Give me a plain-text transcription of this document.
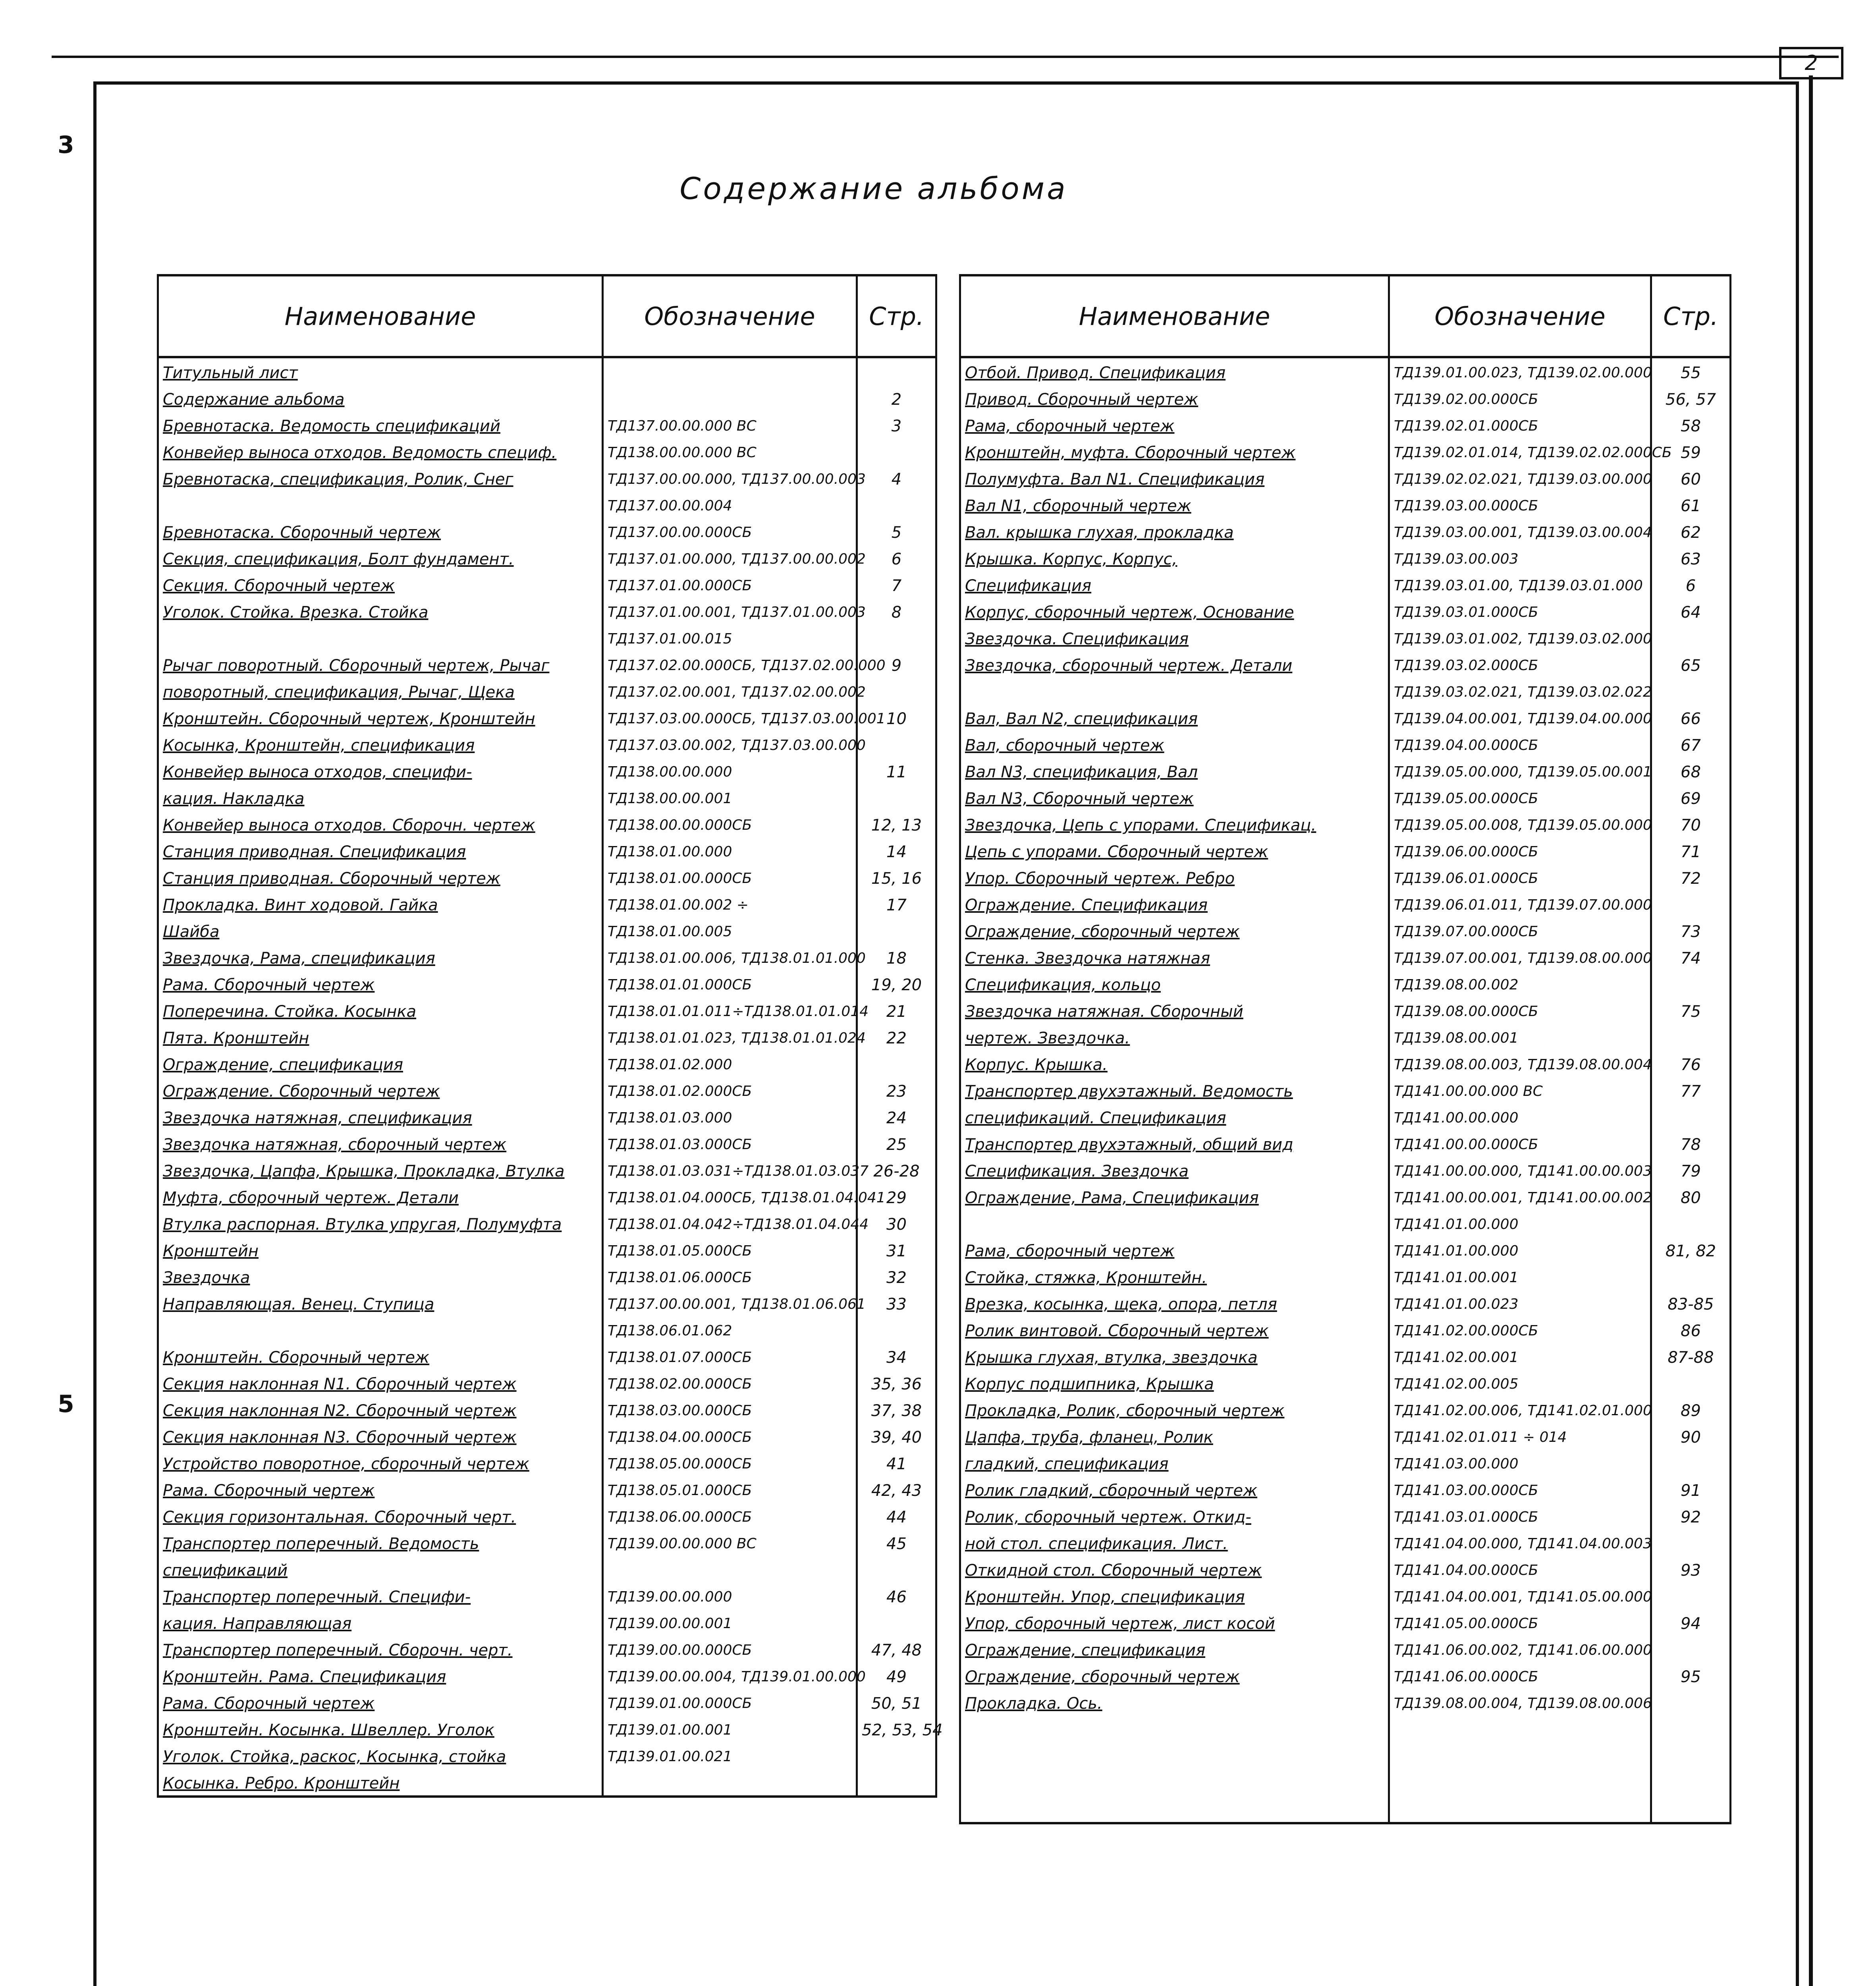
2
3
5
Содержание альбома
Наименование	Обозначение	Стр.
Титульный лист		
Содержание альбома		2
Бревнотаска. Ведомость спецификаций	ТД137.00.00.000 ВС	3
Конвейер выноса отходов. Ведомость специф.	ТД138.00.00.000 ВС	
Бревнотаска, спецификация, Ролик, Снег	ТД137.00.00.000, ТД137.00.00.003	4
	ТД137.00.00.004	
Бревнотаска. Сборочный чертеж	ТД137.00.00.000СБ	5
Секция, спецификация, Болт фундамент.	ТД137.01.00.000, ТД137.00.00.002	6
Секция. Сборочный чертеж	ТД137.01.00.000СБ	7
Уголок. Стойка. Врезка. Стойка	ТД137.01.00.001, ТД137.01.00.003	8
	ТД137.01.00.015	
Рычаг поворотный. Сборочный чертеж, Рычаг	ТД137.02.00.000СБ, ТД137.02.00.000	9
поворотный, спецификация, Рычаг, Щека	ТД137.02.00.001, ТД137.02.00.002	
Кронштейн. Сборочный чертеж, Кронштейн	ТД137.03.00.000СБ, ТД137.03.00.001	10
Косынка, Кронштейн, спецификация	ТД137.03.00.002, ТД137.03.00.000	
Конвейер выноса отходов, специфи-	ТД138.00.00.000	11
кация. Накладка	ТД138.00.00.001	
Конвейер выноса отходов. Сборочн. чертеж	ТД138.00.00.000СБ	12, 13
Станция приводная. Спецификация	ТД138.01.00.000	14
Станция приводная. Сборочный чертеж	ТД138.01.00.000СБ	15, 16
Прокладка. Винт ходовой. Гайка	ТД138.01.00.002 ÷	17
Шайба	ТД138.01.00.005	
Звездочка, Рама, спецификация	ТД138.01.00.006, ТД138.01.01.000	18
Рама. Сборочный чертеж	ТД138.01.01.000СБ	19, 20
Поперечина. Стойка. Косынка	ТД138.01.01.011÷ТД138.01.01.014	21
Пята. Кронштейн	ТД138.01.01.023, ТД138.01.01.024	22
Ограждение, спецификация	ТД138.01.02.000	
Ограждение. Сборочный чертеж	ТД138.01.02.000СБ	23
Звездочка натяжная, спецификация	ТД138.01.03.000	24
Звездочка натяжная, сборочный чертеж	ТД138.01.03.000СБ	25
Звездочка, Цапфа, Крышка, Прокладка, Втулка	ТД138.01.03.031÷ТД138.01.03.037	26-28
Муфта, сборочный чертеж. Детали	ТД138.01.04.000СБ, ТД138.01.04.041	29
Втулка распорная. Втулка упругая, Полумуфта	ТД138.01.04.042÷ТД138.01.04.044	30
Кронштейн	ТД138.01.05.000СБ	31
Звездочка	ТД138.01.06.000СБ	32
Направляющая. Венец. Ступица	ТД137.00.00.001, ТД138.01.06.061	33
	ТД138.06.01.062	
Кронштейн. Сборочный чертеж	ТД138.01.07.000СБ	34
Секция наклонная N1. Сборочный чертеж	ТД138.02.00.000СБ	35, 36
Секция наклонная N2. Сборочный чертеж	ТД138.03.00.000СБ	37, 38
Секция наклонная N3. Сборочный чертеж	ТД138.04.00.000СБ	39, 40
Устройство поворотное, сборочный чертеж	ТД138.05.00.000СБ	41
Рама. Сборочный чертеж	ТД138.05.01.000СБ	42, 43
Секция горизонтальная. Сборочный черт.	ТД138.06.00.000СБ	44
Транспортер поперечный. Ведомость	ТД139.00.00.000 ВС	45
спецификаций		
Транспортер поперечный. Специфи-	ТД139.00.00.000	46
кация. Направляющая	ТД139.00.00.001	
Транспортер поперечный. Сборочн. черт.	ТД139.00.00.000СБ	47, 48
Кронштейн. Рама. Спецификация	ТД139.00.00.004, ТД139.01.00.000	49
Рама. Сборочный чертеж	ТД139.01.00.000СБ	50, 51
Кронштейн. Косынка. Швеллер. Уголок	ТД139.01.00.001	52, 53, 54
Уголок. Стойка, раскос, Косынка, стойка	ТД139.01.00.021	
Косынка. Ребро. Кронштейн		
Наименование	Обозначение	Стр.
Отбой. Привод. Спецификация	ТД139.01.00.023, ТД139.02.00.000	55
Привод. Сборочный чертеж	ТД139.02.00.000СБ	56, 57
Рама, сборочный чертеж	ТД139.02.01.000СБ	58
Кронштейн, муфта. Сборочный чертеж	ТД139.02.01.014, ТД139.02.02.000СБ	59
Полумуфта. Вал N1. Спецификация	ТД139.02.02.021, ТД139.03.00.000	60
Вал N1, сборочный чертеж	ТД139.03.00.000СБ	61
Вал. крышка глухая, прокладка	ТД139.03.00.001, ТД139.03.00.004	62
Крышка. Корпус, Корпус,	ТД139.03.00.003	63
Спецификация	ТД139.03.01.00, ТД139.03.01.000	6
Корпус, сборочный чертеж, Основание	ТД139.03.01.000СБ	64
Звездочка. Спецификация	ТД139.03.01.002, ТД139.03.02.000	
Звездочка, сборочный чертеж. Детали	ТД139.03.02.000СБ	65
	ТД139.03.02.021, ТД139.03.02.022	
Вал, Вал N2, спецификация	ТД139.04.00.001, ТД139.04.00.000	66
Вал, сборочный чертеж	ТД139.04.00.000СБ	67
Вал N3, спецификация, Вал	ТД139.05.00.000, ТД139.05.00.001	68
Вал N3, Сборочный чертеж	ТД139.05.00.000СБ	69
Звездочка, Цепь с упорами. Спецификац.	ТД139.05.00.008, ТД139.05.00.000	70
Цепь с упорами. Сборочный чертеж	ТД139.06.00.000СБ	71
Упор. Сборочный чертеж. Ребро	ТД139.06.01.000СБ	72
Ограждение. Спецификация	ТД139.06.01.011, ТД139.07.00.000	
Ограждение, сборочный чертеж	ТД139.07.00.000СБ	73
Стенка. Звездочка натяжная	ТД139.07.00.001, ТД139.08.00.000	74
Спецификация, кольцо	ТД139.08.00.002	
Звездочка натяжная. Сборочный	ТД139.08.00.000СБ	75
чертеж. Звездочка.	ТД139.08.00.001	
Корпус. Крышка.	ТД139.08.00.003, ТД139.08.00.004	76
Транспортер двухэтажный. Ведомость	ТД141.00.00.000 ВС	77
спецификаций. Спецификация	ТД141.00.00.000	
Транспортер двухэтажный, общий вид	ТД141.00.00.000СБ	78
Спецификация. Звездочка	ТД141.00.00.000, ТД141.00.00.003	79
Ограждение, Рама, Спецификация	ТД141.00.00.001, ТД141.00.00.002	80
	ТД141.01.00.000	
Рама, сборочный чертеж	ТД141.01.00.000	81, 82
Стойка, стяжка, Кронштейн.	ТД141.01.00.001	
Врезка, косынка, щека, опора, петля	ТД141.01.00.023	83-85
Ролик винтовой. Сборочный чертеж	ТД141.02.00.000СБ	86
Крышка глухая, втулка, звездочка	ТД141.02.00.001	87-88
Корпус подшипника, Крышка	ТД141.02.00.005	
Прокладка, Ролик, сборочный чертеж	ТД141.02.00.006, ТД141.02.01.000	89
Цапфа, труба, фланец, Ролик	ТД141.02.01.011 ÷ 014	90
гладкий, спецификация	ТД141.03.00.000	
Ролик гладкий, сборочный чертеж	ТД141.03.00.000СБ	91
Ролик, сборочный чертеж. Откид-	ТД141.03.01.000СБ	92
ной стол. спецификация. Лист.	ТД141.04.00.000, ТД141.04.00.003	
Откидной стол. Сборочный чертеж	ТД141.04.00.000СБ	93
Кронштейн. Упор, спецификация	ТД141.04.00.001, ТД141.05.00.000	
Упор, сборочный чертеж, лист косой	ТД141.05.00.000СБ	94
Ограждение, спецификация	ТД141.06.00.002, ТД141.06.00.000	
Ограждение, сборочный чертеж	ТД141.06.00.000СБ	95
Прокладка. Ось.	ТД139.08.00.004, ТД139.08.00.006	
